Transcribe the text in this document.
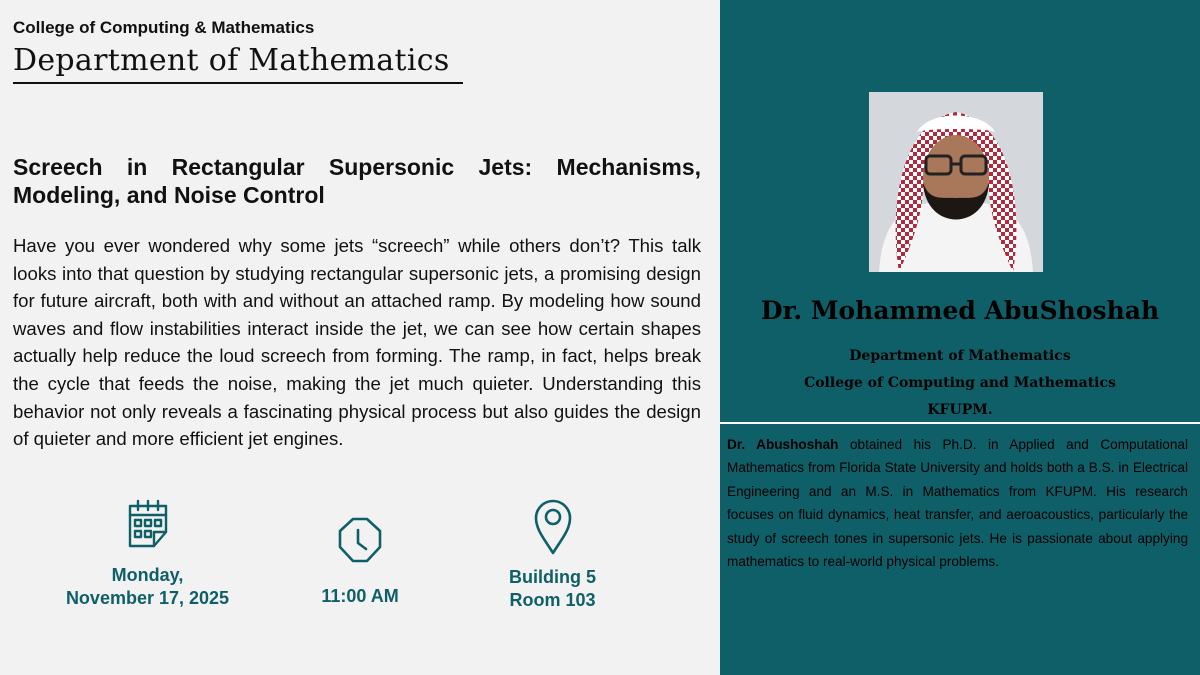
College of Computing & Mathematics
Department of Mathematics
Screech in Rectangular Supersonic Jets: Mechanisms, Modeling, and Noise Control
Have you ever wondered why some jets “screech” while others don’t? This talk looks into that question by studying rectangular supersonic jets, a promising design for future aircraft, both with and without an attached ramp. By modeling how sound waves and flow instabilities interact inside the jet, we can see how certain shapes actually help reduce the loud screech from forming. The ramp, in fact, helps break the cycle that feeds the noise, making the jet much quieter. Understanding this behavior not only reveals a fascinating physical process but also guides the design of quieter and more efficient jet engines.
Monday,
November 17, 2025	11:00 AM
Building 5
Room 103
Dr. Mohammed AbuShoshah
Department of Mathematics
College of Computing and Mathematics
KFUPM.
Dr. Abushoshah obtained his Ph.D. in Applied and Computational Mathematics from Florida State University and holds both a B.S. in Electrical Engineering and an M.S. in Mathematics from KFUPM. His research focuses on fluid dynamics, heat transfer, and aeroacoustics, particularly the study of screech tones in supersonic jets. He is passionate about applying mathematics to real-world physical problems.
